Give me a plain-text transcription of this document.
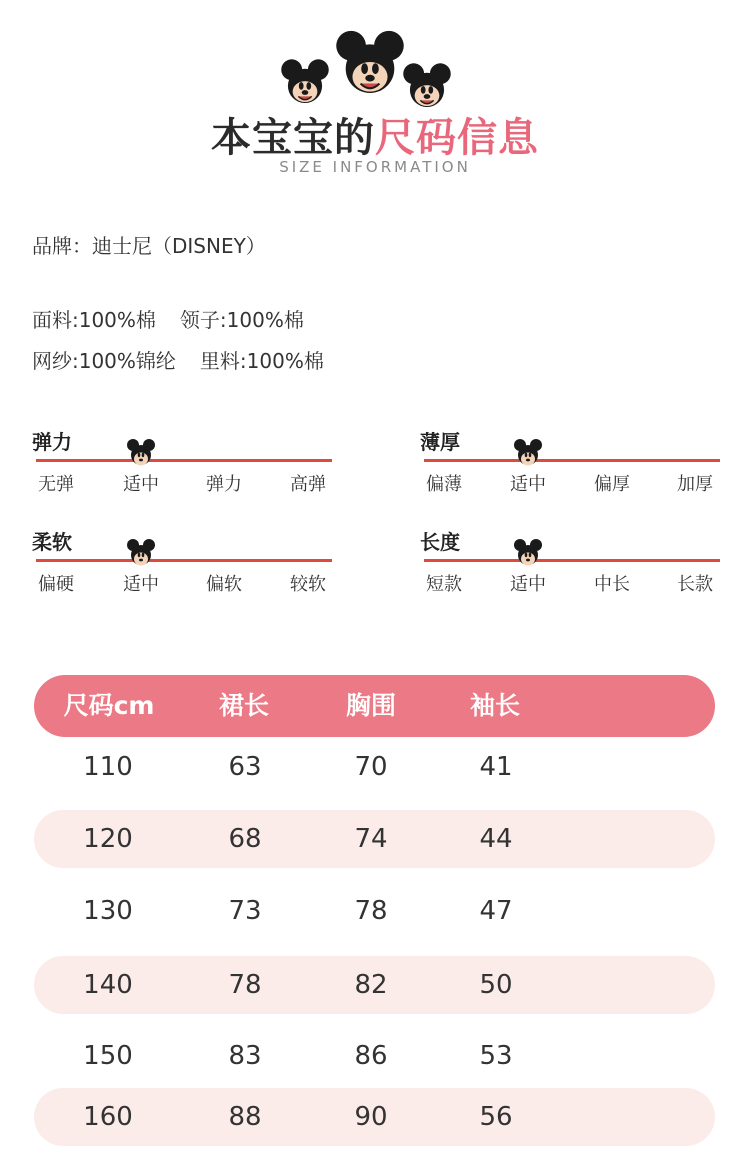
本宝宝的尺码信息
SIZE INFORMATION
品牌：迪士尼（DISNEY）
面料:100%棉 领子:100%棉
网纱:100%锦纶 里料:100%棉
弹力
无弹	适中	弹力	高弹
薄厚
偏薄	适中	偏厚	加厚
柔软
偏硬	适中	偏软	较软
长度
短款	适中	中长	长款
尺码cm	裙长	胸围	袖长
110	63	70	41
120	68	74	44
130	73	78	47
140	78	82	50
150	83	86	53
160	88	90	56
